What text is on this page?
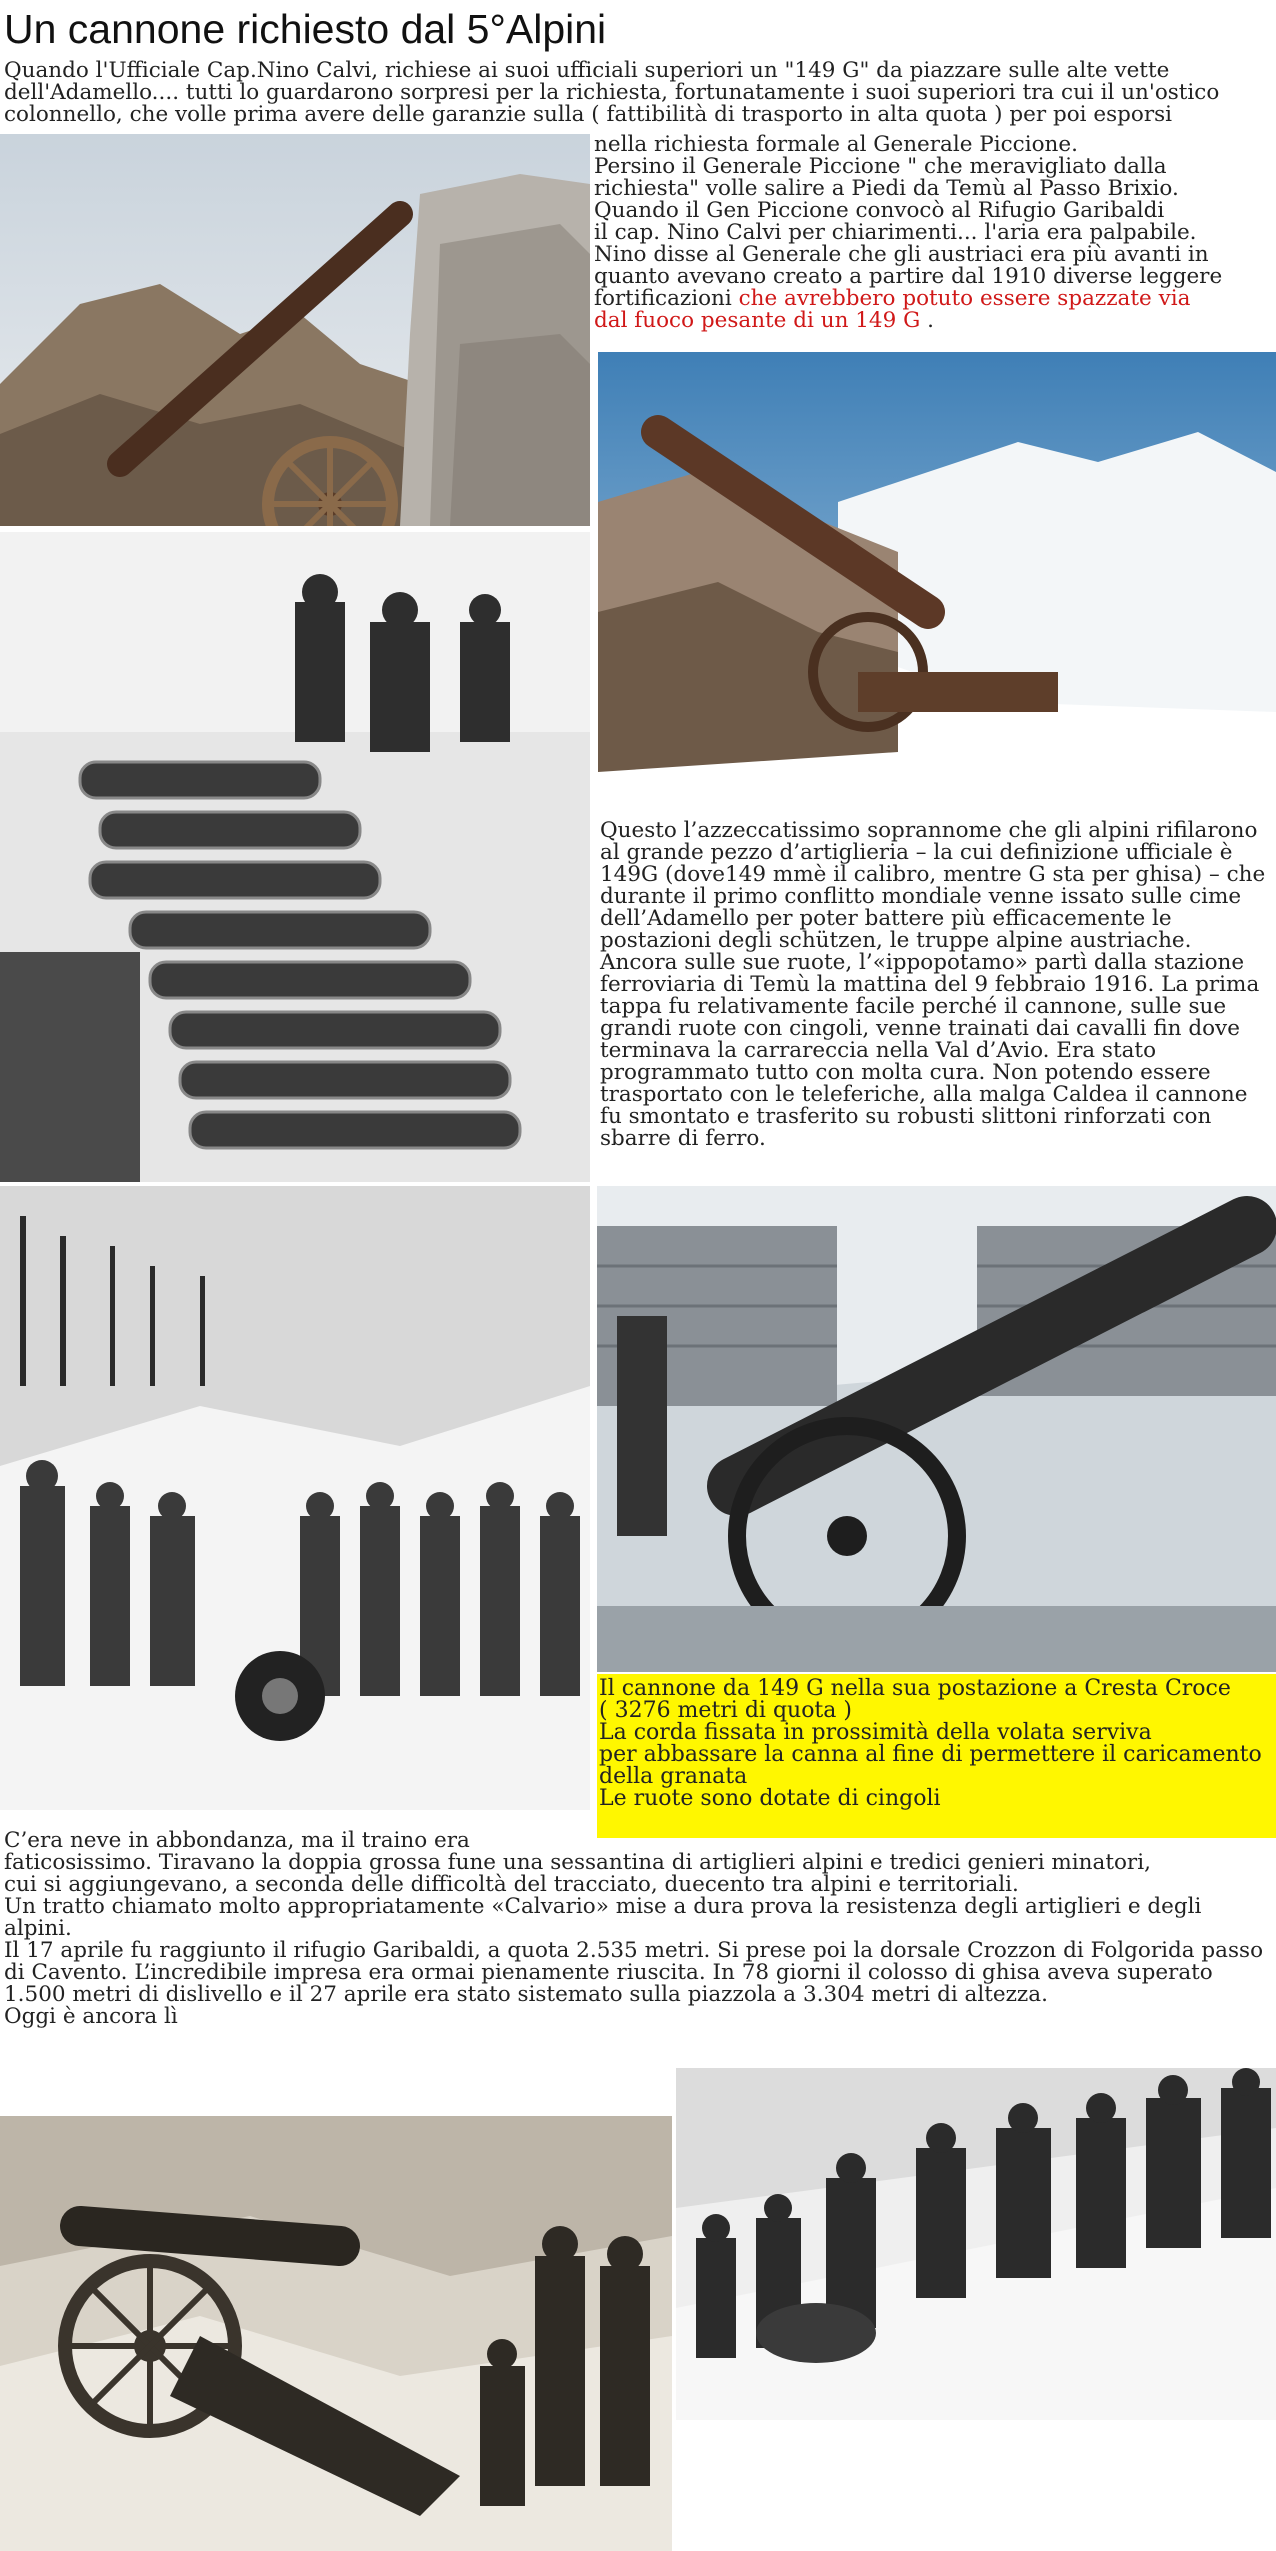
Un cannone richiesto dal 5°Alpini

Quando l'Ufficiale Cap.Nino Calvi, richiese ai suoi ufficiali superiori un "149 G" da piazzare sulle alte vette dell'Adamello.... tutti lo guardarono sorpresi per la richiesta, fortunatamente i suoi superiori tra cui il un'ostico colonnello, che volle prima avere delle garanzie sulla ( fattibilità di trasporto in alta quota ) per poi esporsi

nella richiesta formale al Generale Piccione.

Persino il Generale Piccione " che meravigliato dalla

richiesta" volle salire a Piedi da Temù al Passo Brixio.

Quando il Gen Piccione convocò al Rifugio Garibaldi

il cap. Nino Calvi per chiarimenti... l'aria era palpabile.

Nino disse al Generale che gli austriaci era più avanti in

quanto avevano creato a partire dal 1910 diverse leggere

fortificazioni che avrebbero potuto essere spazzate via

dal fuoco pesante di un 149 G .

Questo l’azzeccatissimo soprannome che gli alpini rifilarono al grande pezzo d’artiglieria – la cui definizione ufficiale è 149G (dove149 mmè il calibro, mentre G sta per ghisa) – che durante il primo conflitto mondiale venne issato sulle cime dell’Adamello per poter battere più efficacemente le postazioni degli schützen, le truppe alpine austriache. Ancora sulle sue ruote, l’«ippopotamo» partì dalla stazione ferroviaria di Temù la mattina del 9 febbraio 1916. La prima tappa fu relativamente facile perché il cannone, sulle sue grandi ruote con cingoli, venne trainati dai cavalli fin dove terminava la carrareccia nella Val d’Avio. Era stato programmato tutto con molta cura. Non potendo essere trasportato con le teleferiche, alla malga Caldea il cannone fu smontato e trasferito su robusti slittoni rinforzati con sbarre di ferro.

Il cannone da 149 G nella sua postazione a Cresta Croce

( 3276 metri di quota )

La corda fissata in prossimità della volata serviva

per abbassare la canna al fine di permettere il caricamento

della granata

Le ruote sono dotate di cingoli

C’era neve in abbondanza, ma il traino era

faticosissimo. Tiravano la doppia grossa fune una sessantina di artiglieri alpini e tredici genieri minatori,

cui si aggiungevano, a seconda delle difficoltà del tracciato, duecento tra alpini e territoriali.

Un tratto chiamato molto appropriatamente «Calvario» mise a dura prova la resistenza degli artiglieri e degli alpini.

Il 17 aprile fu raggiunto il rifugio Garibaldi, a quota 2.535 metri. Si prese poi la dorsale Crozzon di Folgorida passo di Cavento. L’incredibile impresa era ormai pienamente riuscita. In 78 giorni il colosso di ghisa aveva superato 1.500 metri di dislivello e il 27 aprile era stato sistemato sulla piazzola a 3.304 metri di altezza.

Oggi è ancora lì
